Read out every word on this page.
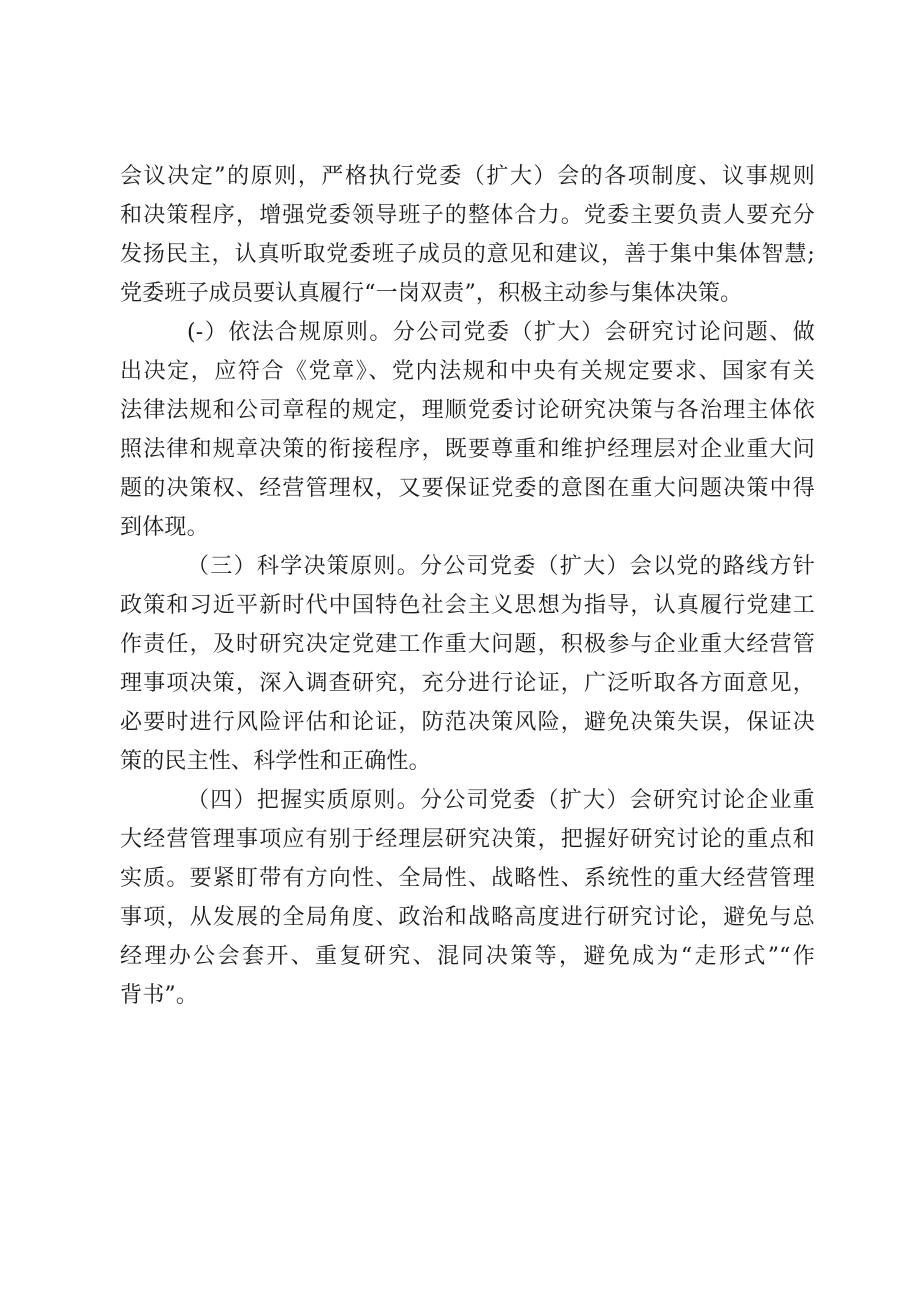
会议决定”的原则，严格执行党委（扩大）会的各项制度、议事规则
和决策程序，增强党委领导班子的整体合力。党委主要负责人要充分
发扬民主，认真听取党委班子成员的意见和建议，善于集中集体智慧;
党委班子成员要认真履行“一岗双责”，积极主动参与集体决策。
(-）依法合规原则。分公司党委（扩大）会研究讨论问题、做
出决定，应符合《党章》、党内法规和中央有关规定要求、国家有关
法律法规和公司章程的规定，理顺党委讨论研究决策与各治理主体依
照法律和规章决策的衔接程序，既要尊重和维护经理层对企业重大问
题的决策权、经营管理权，又要保证党委的意图在重大问题决策中得
到体现。
（三）科学决策原则。分公司党委（扩大）会以党的路线方针
政策和习近平新时代中国特色社会主义思想为指导，认真履行党建工
作责任，及时研究决定党建工作重大问题，积极参与企业重大经营管
理事项决策，深入调查研究，充分进行论证，广泛听取各方面意见，
必要时进行风险评估和论证，防范决策风险，避免决策失误，保证决
策的民主性、科学性和正确性。
（四）把握实质原则。分公司党委（扩大）会研究讨论企业重
大经营管理事项应有别于经理层研究决策，把握好研究讨论的重点和
实质。要紧盯带有方向性、全局性、战略性、系统性的重大经营管理
事项，从发展的全局角度、政治和战略高度进行研究讨论，避免与总
经理办公会套开、重复研究、混同决策等，避免成为“走形式”“作
背书”。
